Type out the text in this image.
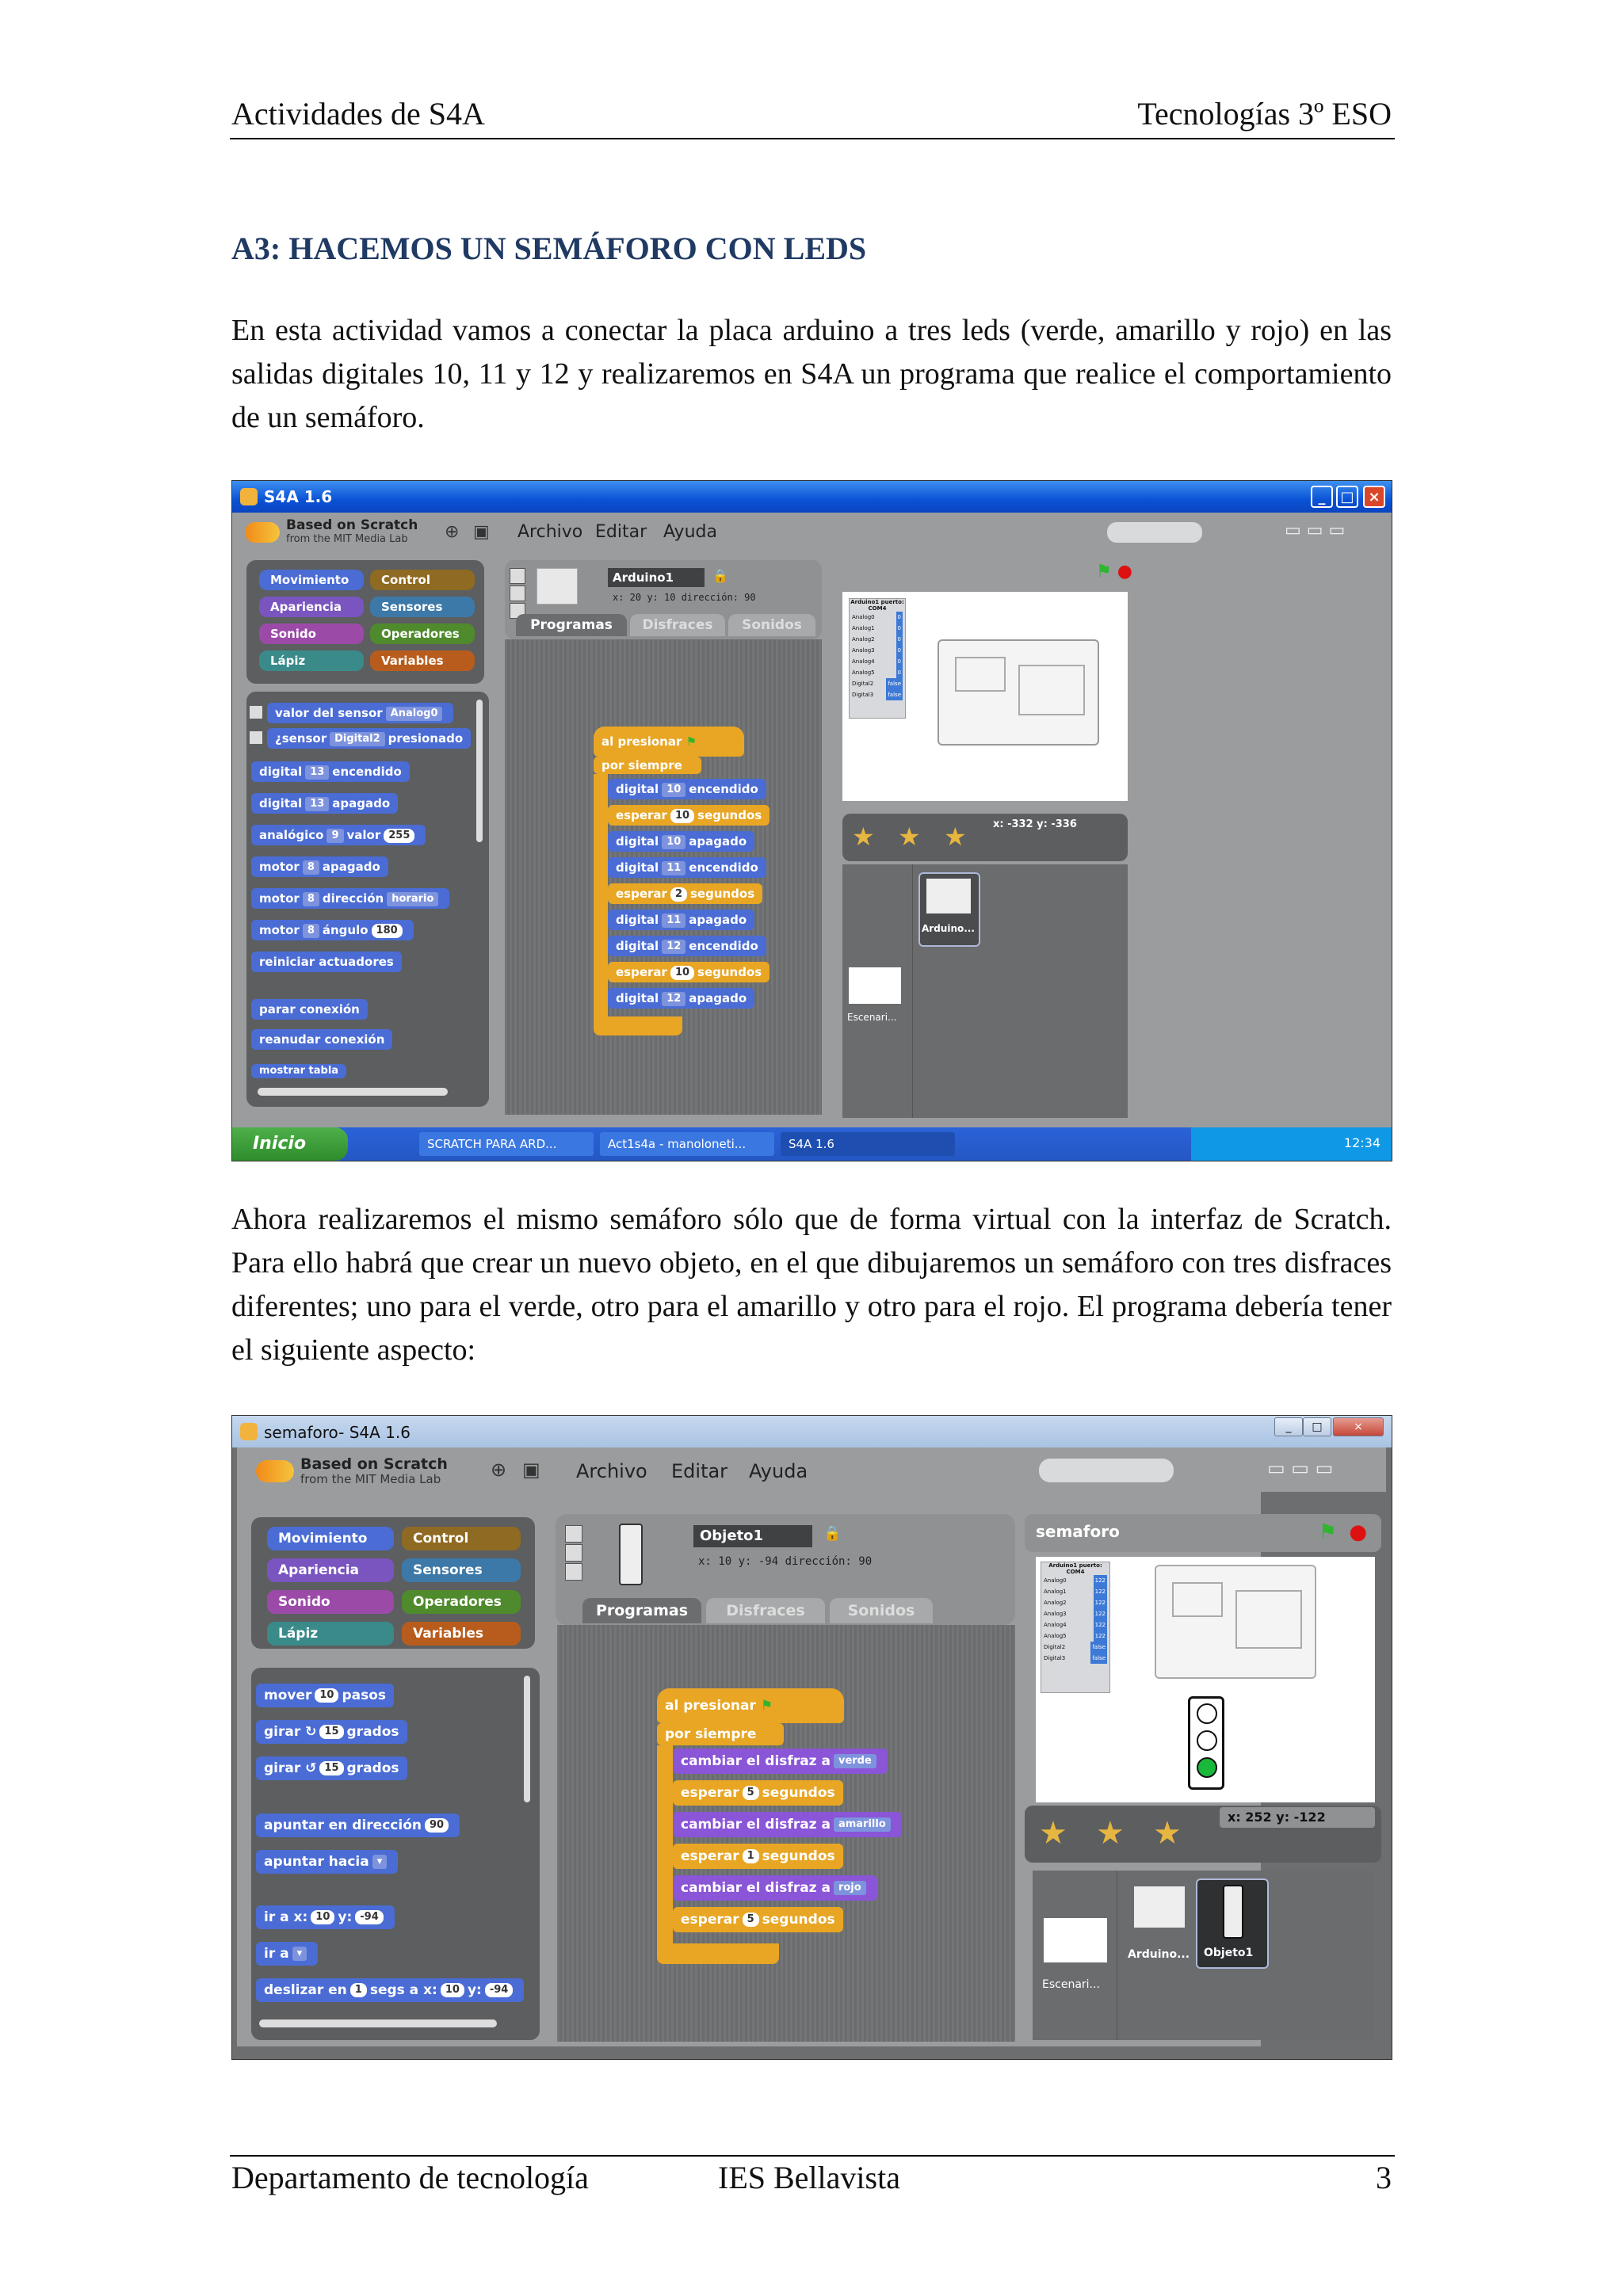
Actividades de S4A	Tecnologías 3º ESO
A3: HACEMOS UN SEMÁFORO CON LEDS
En esta actividad vamos a conectar la placa arduino a tres leds (verde, amarillo y rojo) en las salidas digitales 10, 11 y 12 y realizaremos en S4A un programa que realice el comportamiento de un semáforo.
S4A 1.6	_	□ ×
Based on Scratch
from the MIT Media Lab ⊕ ▣ Archivo Editar Ayuda	▭ ▭ ▭
Movimiento	Control
Apariencia	Sensores
Sonido	Operadores
Lápiz	Variables
valor del sensor Analog0
¿sensor Digital2 presionado
digital 13 encendido
digital 13 apagado
analógico 9 valor 255
motor 8 apagado
motor 8 dirección horario
motor 8 ángulo 180
reiniciar actuadores
parar conexión
reanudar conexión
mostrar tabla
Arduino1	🔒
x: 20 y: 10 dirección: 90
Programas	Disfraces	Sonidos
al presionar ⚑
por siempre
digital 10 encendido
esperar 10 segundos
digital 10 apagado
digital 11 encendido
esperar 2 segundos
digital 11 apagado
digital 12 encendido
esperar 10 segundos
digital 12 apagado
⚑ ●
Arduino1 puerto: COM4
Analog0	0
Analog1	0
Analog2	0
Analog3	0
Analog4	0
Analog5	0
Digital2	false
Digital3	false
★ ★ ★	x: -332 y: -336
Arduino...
Escenari...
Inicio	SCRATCH PARA ARD...	Act1s4a - manoloneti...	S4A 1.6	12:34
Ahora realizaremos el mismo semáforo sólo que de forma virtual con la interfaz de Scratch. Para ello habrá que crear un nuevo objeto, en el que dibujaremos un semáforo con tres disfraces diferentes; uno para el verde, otro para el amarillo y otro para el rojo. El programa debería tener el siguiente aspecto:
semaforo- S4A 1.6	_	□	×
Based on Scratch
from the MIT Media Lab	⊕ ▣ Archivo Editar Ayuda	▭ ▭ ▭
Movimiento	Control
Apariencia	Sensores
Sonido	Operadores
Lápiz	Variables
mover 10 pasos
girar ↻ 15 grados
girar ↺ 15 grados
apuntar en dirección 90
apuntar hacia ▾
ir a x: 10 y: -94
ir a ▾
deslizar en 1 segs a x: 10 y: -94
Objeto1	🔒
x: 10 y: -94 dirección: 90
Programas	Disfraces	Sonidos
al presionar ⚑
por siempre
cambiar el disfraz a verde
esperar 5 segundos
cambiar el disfraz a amarillo
esperar 1 segundos
cambiar el disfraz a rojo
esperar 5 segundos
semaforo	⚑ ●
Arduino1 puerto: COM4
Analog0	122
Analog1	122
Analog2	122
Analog3	122
Analog4	122
Analog5	122
Digital2	false
Digital3	false
★ ★ ★	x: 252 y: -122
Escenari...
Arduino... Objeto1
Departamento de tecnología	IES Bellavista	3
